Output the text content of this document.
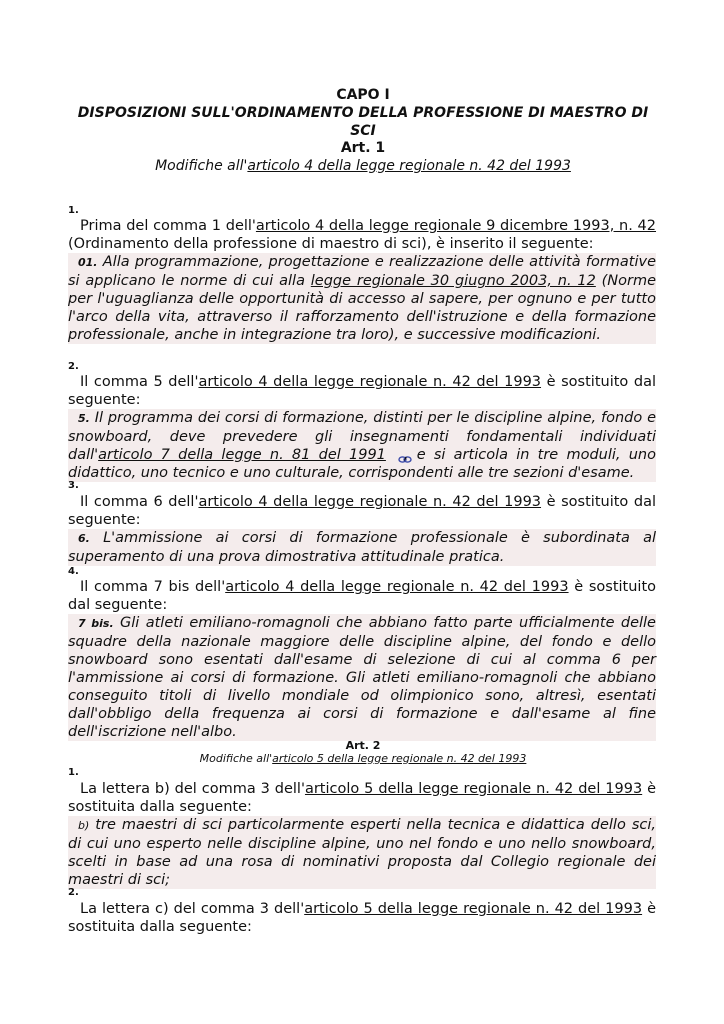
CAPO I
DISPOSIZIONI SULL'ORDINAMENTO DELLA PROFESSIONE DI MAESTRO DI SCI
Art. 1
Modifiche all'articolo 4 della legge regionale n. 42 del 1993
1.
Prima del comma 1 dell'articolo 4 della legge regionale 9 dicembre 1993, n. 42 (Ordinamento della professione di maestro di sci), è inserito il seguente:
01. Alla programmazione, progettazione e realizzazione delle attività formative si applicano le norme di cui alla legge regionale 30 giugno 2003, n. 12 (Norme per l'uguaglianza delle opportunità di accesso al sapere, per ognuno e per tutto l'arco della vita, attraverso il rafforzamento dell'istruzione e della formazione professionale, anche in integrazione tra loro), e successive modificazioni.
2.
Il comma 5 dell'articolo 4 della legge regionale n. 42 del 1993 è sostituito dal seguente:
5. Il programma dei corsi di formazione, distinti per le discipline alpine, fondo e snowboard, deve prevedere gli insegnamenti fondamentali individuati dall'articolo 7 della legge n. 81 del 1991 , e si articola in tre moduli, uno didattico, uno tecnico e uno culturale, corrispondenti alle tre sezioni d'esame.
3.
Il comma 6 dell'articolo 4 della legge regionale n. 42 del 1993 è sostituito dal seguente:
6. L'ammissione ai corsi di formazione professionale è subordinata al superamento di una prova dimostrativa attitudinale pratica.
4.
Il comma 7 bis dell'articolo 4 della legge regionale n. 42 del 1993 è sostituito dal seguente:
7 bis. Gli atleti emiliano-romagnoli che abbiano fatto parte ufficialmente delle squadre della nazionale maggiore delle discipline alpine, del fondo e dello snowboard sono esentati dall'esame di selezione di cui al comma 6 per l'ammissione ai corsi di formazione. Gli atleti emiliano-romagnoli che abbiano conseguito titoli di livello mondiale od olimpionico sono, altresì, esentati dall'obbligo della frequenza ai corsi di formazione e dall'esame al fine dell'iscrizione nell'albo.
Art. 2
Modifiche all'articolo 5 della legge regionale n. 42 del 1993
1.
La lettera b) del comma 3 dell'articolo 5 della legge regionale n. 42 del 1993 è sostituita dalla seguente:
b) tre maestri di sci particolarmente esperti nella tecnica e didattica dello sci, di cui uno esperto nelle discipline alpine, uno nel fondo e uno nello snowboard, scelti in base ad una rosa di nominativi proposta dal Collegio regionale dei maestri di sci;
2.
La lettera c) del comma 3 dell'articolo 5 della legge regionale n. 42 del 1993 è sostituita dalla seguente:
